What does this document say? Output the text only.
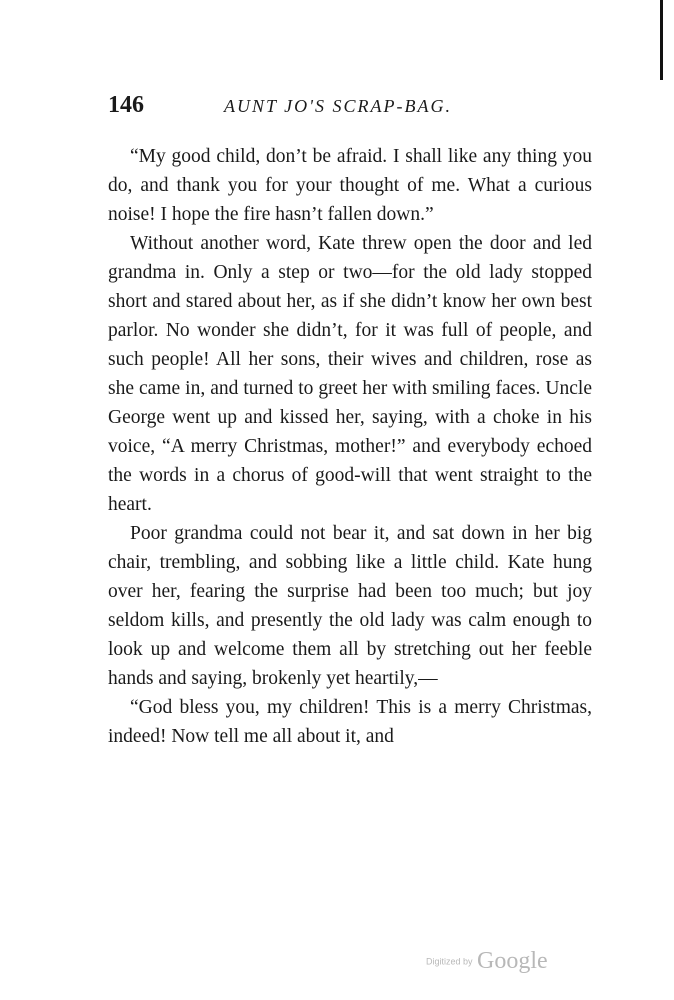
146	AUNT JO'S SCRAP-BAG.

“My good child, don’t be afraid. I shall like any thing you do, and thank you for your thought of me. What a curious noise! I hope the fire hasn’t fallen down.”

Without another word, Kate threw open the door and led grandma in. Only a step or two—for the old lady stopped short and stared about her, as if she didn’t know her own best parlor. No wonder she didn’t, for it was full of people, and such people! All her sons, their wives and children, rose as she came in, and turned to greet her with smiling faces. Uncle George went up and kissed her, saying, with a choke in his voice, “A merry Christmas, mother!” and everybody echoed the words in a chorus of good-will that went straight to the heart.

Poor grandma could not bear it, and sat down in her big chair, trembling, and sobbing like a little child. Kate hung over her, fearing the surprise had been too much; but joy seldom kills, and presently the old lady was calm enough to look up and welcome them all by stretching out her feeble hands and saying, brokenly yet heartily,—

“God bless you, my children! This is a merry Christmas, indeed! Now tell me all about it, and

Digitized by Google
